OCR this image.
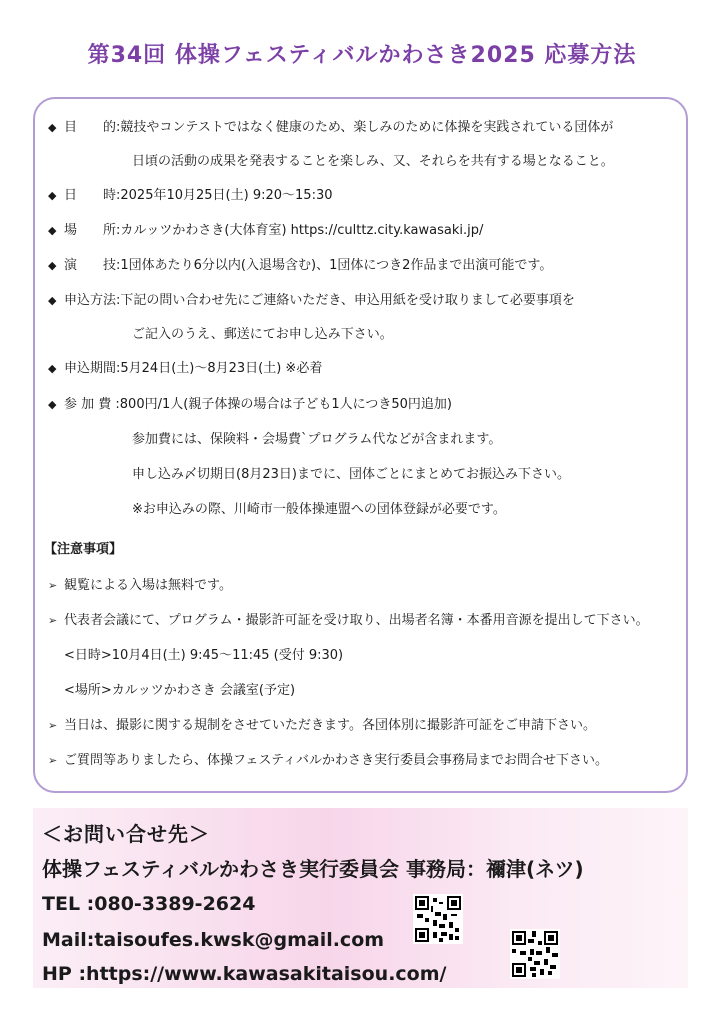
第34回 体操フェスティバルかわさき2025 応募方法
◆ 目　　的:競技やコンテストではなく健康のため、楽しみのために体操を実践されている団体が
日頃の活動の成果を発表することを楽しみ、又、それらを共有する場となること。
◆ 日　　時:2025年10月25日(土) 9:20～15:30
◆ 場　　所:カルッツかわさき(大体育室) https://culttz.city.kawasaki.jp/
◆ 演　　技:1団体あたり6分以内(入退場含む)、1団体につき2作品まで出演可能です。
◆ 申込方法:下記の問い合わせ先にご連絡いただき、申込用紙を受け取りまして必要事項を
ご記入のうえ、郵送にてお申し込み下さい。
◆ 申込期間:5月24日(土)～8月23日(土) ※必着
◆ 参 加 費 :800円/1人(親子体操の場合は子ども1人につき50円追加)
参加費には、保険料・会場費`プログラム代などが含まれます。
申し込み〆切期日(8月23日)までに、団体ごとにまとめてお振込み下さい。
※お申込みの際、川崎市一般体操連盟への団体登録が必要です。
【注意事項】
➢ 観覧による入場は無料です。
➢ 代表者会議にて、プログラム・撮影許可証を受け取り、出場者名簿・本番用音源を提出して下さい。
<日時>10月4日(土) 9:45～11:45 (受付 9:30)
<場所>カルッツかわさき 会議室(予定)
➢ 当日は、撮影に関する規制をさせていただきます。各団体別に撮影許可証をご申請下さい。
➢ ご質問等ありましたら、体操フェスティバルかわさき実行委員会事務局までお問合せ下さい。
＜お問い合せ先＞
体操フェスティバルかわさき実行委員会 事務局：禰津(ネツ)
TEL :080-3389-2624
Mail:taisoufes.kwsk@gmail.com
HP :https://www.kawasakitaisou.com/
